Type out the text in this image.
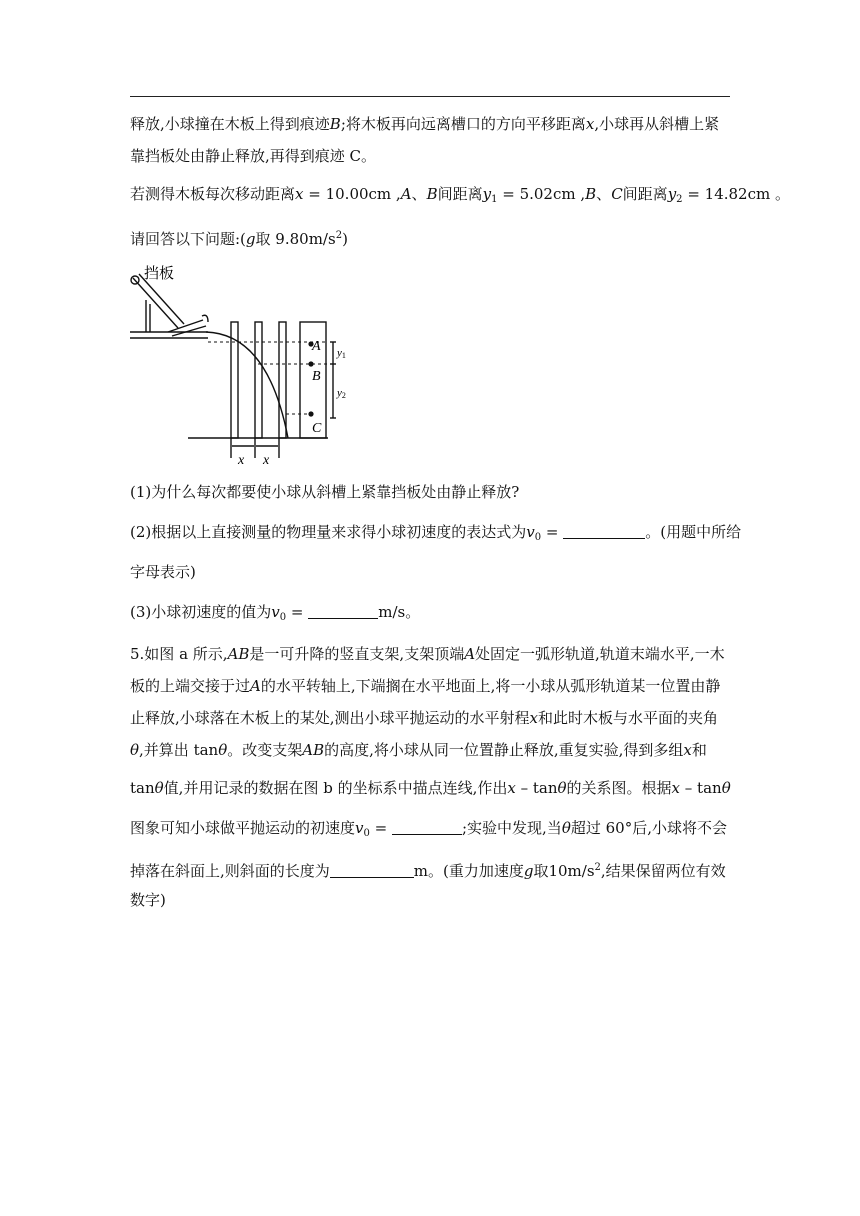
释放,小球撞在木板上得到痕迹B;将木板再向远离槽口的方向平移距离x,小球再从斜槽上紧
靠挡板处由静止释放,再得到痕迹 C。
若测得木板每次移动距离x = 10.00cm ,A、B间距离$y_1 = 5.02cm$ ,B、C间距离$y_2 = 14.82cm$ 。
请回答以下问题:(g取 $9.80m/s^2$)
挡板
A
B
C
y1
y2
x x
(1)为什么每次都要使小球从斜槽上紧靠挡板处由静止释放?
(2)根据以上直接测量的物理量来求得小球初速度的表达式为$v_0$ =	。(用题中所给
字母表示)
(3)小球初速度的值为$v_0$ =	m/s。
5.如图 a 所示,AB是一可升降的竖直支架,支架顶端A处固定一弧形轨道,轨道末端水平,一木
板的上端交接于过A的水平转轴上,下端搁在水平地面上,将一小球从弧形轨道某一位置由静
止释放,小球落在木板上的某处,测出小球平抛运动的水平射程x和此时木板与水平面的夹角
θ,并算出 tanθ。改变支架AB的高度,将小球从同一位置静止释放,重复实验,得到多组x和
tanθ值,并用记录的数据在图 b 的坐标系中描点连线,作出x – tanθ的关系图。根据x – tanθ
图象可知小球做平抛运动的初速度$v_0$ =	;实验中发现,当θ超过 60°后,小球将不会
掉落在斜面上,则斜面的长度为	m。(重力加速度g取$10m/s^2$,结果保留两位有效
数字)
